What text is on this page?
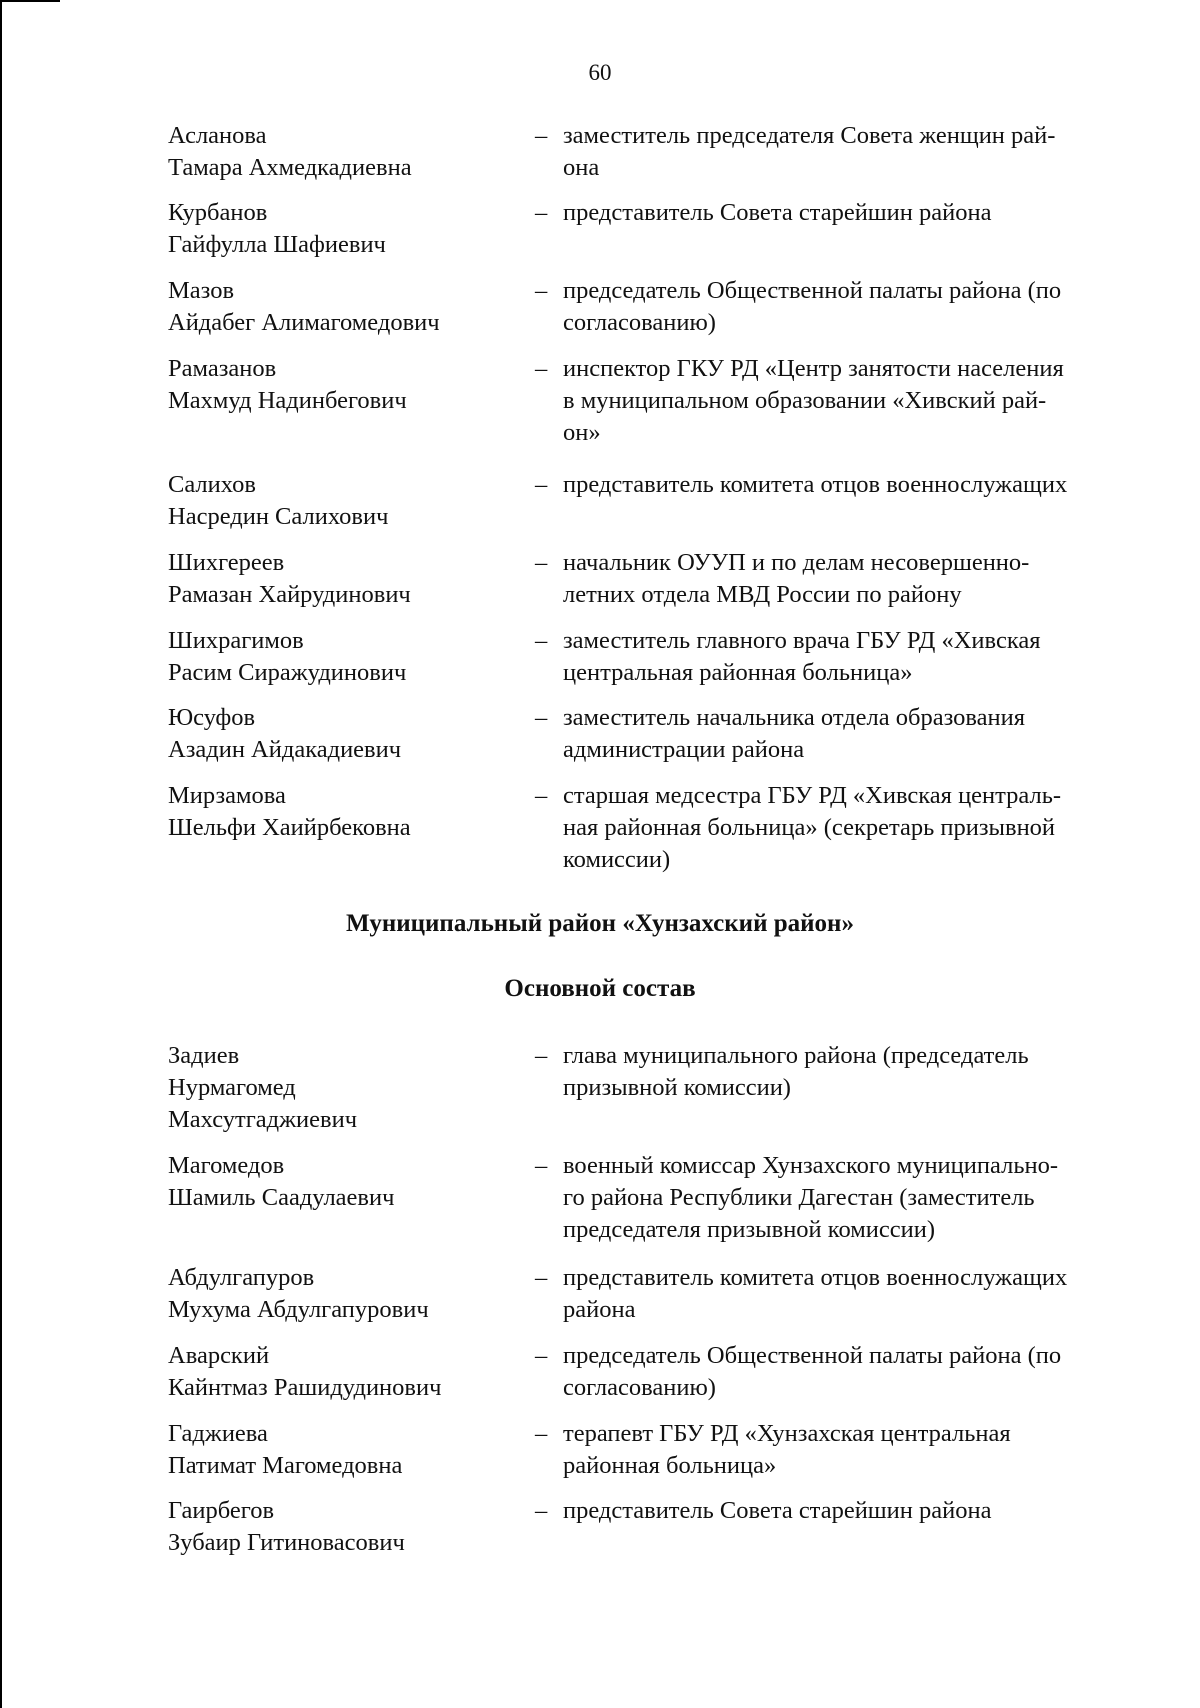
60
Асланова
Тамара Ахмедкадиевна
– заместитель председателя Совета женщин рай-
она
Курбанов
Гайфулла Шафиевич
– представитель Совета старейшин района
Мазов
Айдабег Алимагомедович
– председатель Общественной палаты района (по
согласованию)
Рамазанов
Махмуд Надинбегович
– инспектор ГКУ РД «Центр занятости населения
в муниципальном образовании «Хивский рай-
он»
Салихов
Насредин Салихович
– представитель комитета отцов военнослужащих
Шихгереев
Рамазан Хайрудинович
– начальник ОУУП и по делам несовершенно-
летних отдела МВД России по району
Шихрагимов
Расим Сиражудинович
– заместитель главного врача ГБУ РД «Хивская
центральная районная больница»
Юсуфов
Азадин Айдакадиевич
– заместитель начальника отдела образования
администрации района
Мирзамова
Шельфи Хаийрбековна
– старшая медсестра ГБУ РД «Хивская централь-
ная районная больница» (секретарь призывной
комиссии)
Муниципальный район «Хунзахский район»
Основной состав
Задиев
Нурмагомед
Махсутгаджиевич
– глава муниципального района (председатель
призывной комиссии)
Магомедов
Шамиль Саадулаевич
– военный комиссар Хунзахского муниципально-
го района Республики Дагестан (заместитель
председателя призывной комиссии)
Абдулгапуров
Мухума Абдулгапурович
– представитель комитета отцов военнослужащих
района
Аварский
Кайнтмаз Рашидудинович
– председатель Общественной палаты района (по
согласованию)
Гаджиева
Патимат Магомедовна
– терапевт ГБУ РД «Хунзахская центральная
районная больница»
Гаирбегов
Зубаир Гитиновасович
– представитель Совета старейшин района
